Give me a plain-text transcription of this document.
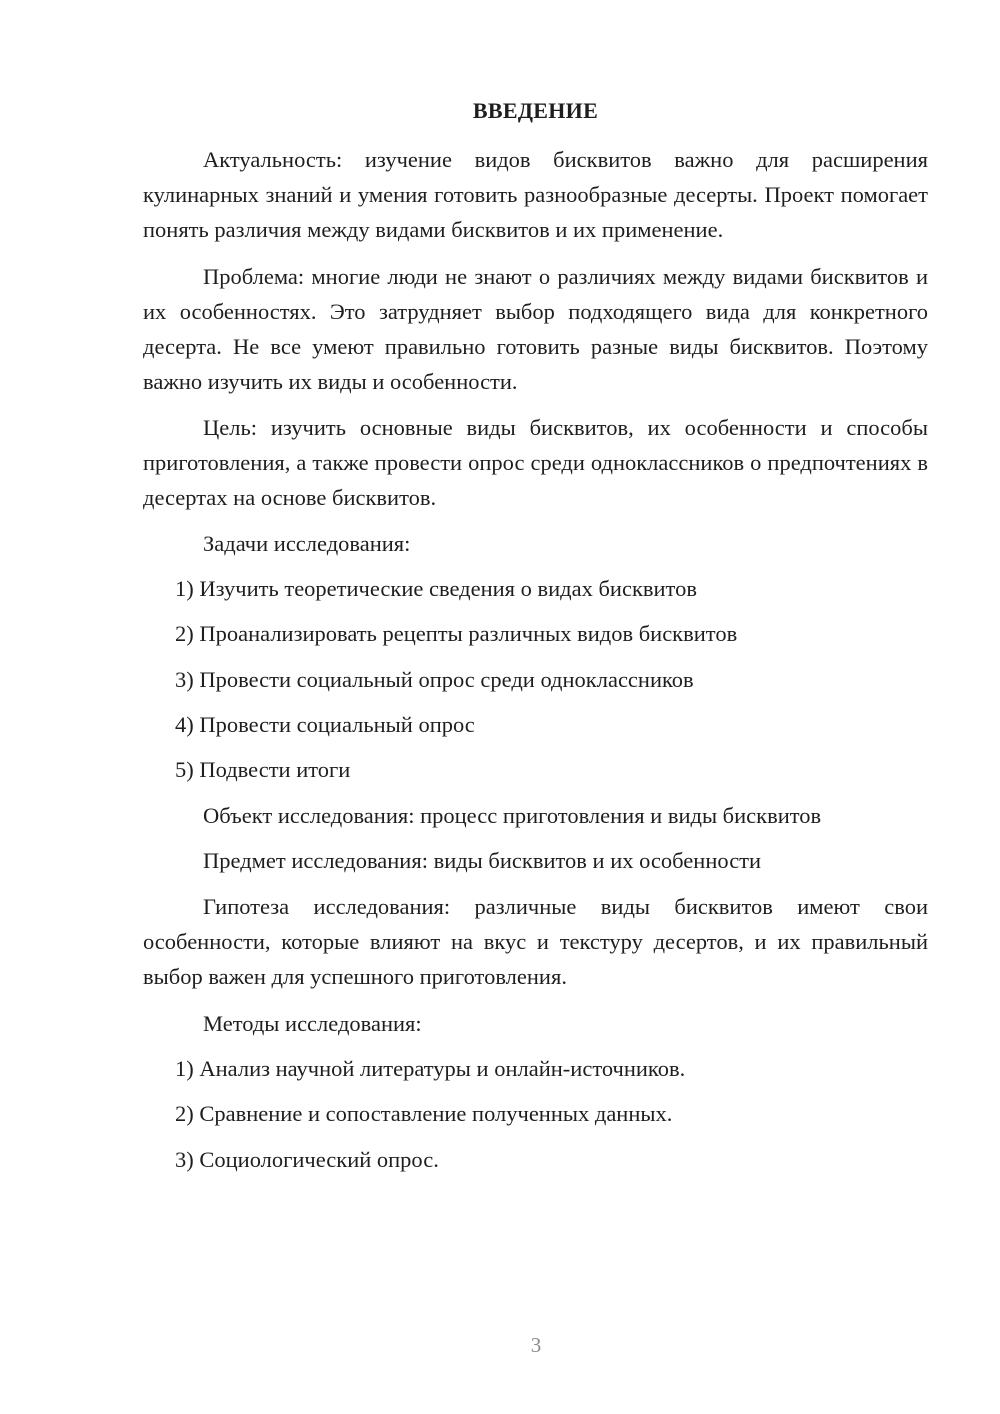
ВВЕДЕНИЕ
Актуальность: изучение видов бисквитов важно для расширения кулинарных знаний и умения готовить разнообразные десерты. Проект помогает понять различия между видами бисквитов и их применение.
Проблема: многие люди не знают о различиях между видами бисквитов и их особенностях. Это затрудняет выбор подходящего вида для конкретного десерта. Не все умеют правильно готовить разные виды бисквитов. Поэтому важно изучить их виды и особенности.
Цель: изучить основные виды бисквитов, их особенности и способы приготовления, а также провести опрос среди одноклассников о предпочтениях в десертах на основе бисквитов.
Задачи исследования:
1) Изучить теоретические сведения о видах бисквитов
2) Проанализировать рецепты различных видов бисквитов
3) Провести социальный опрос среди одноклассников
4) Провести социальный опрос
5) Подвести итоги
Объект исследования: процесс приготовления и виды бисквитов
Предмет исследования: виды бисквитов и их особенности
Гипотеза исследования: различные виды бисквитов имеют свои особенности, которые влияют на вкус и текстуру десертов, и их правильный выбор важен для успешного приготовления.
Методы исследования:
1) Анализ научной литературы и онлайн-источников.
2) Сравнение и сопоставление полученных данных.
3) Социологический опрос.
3
